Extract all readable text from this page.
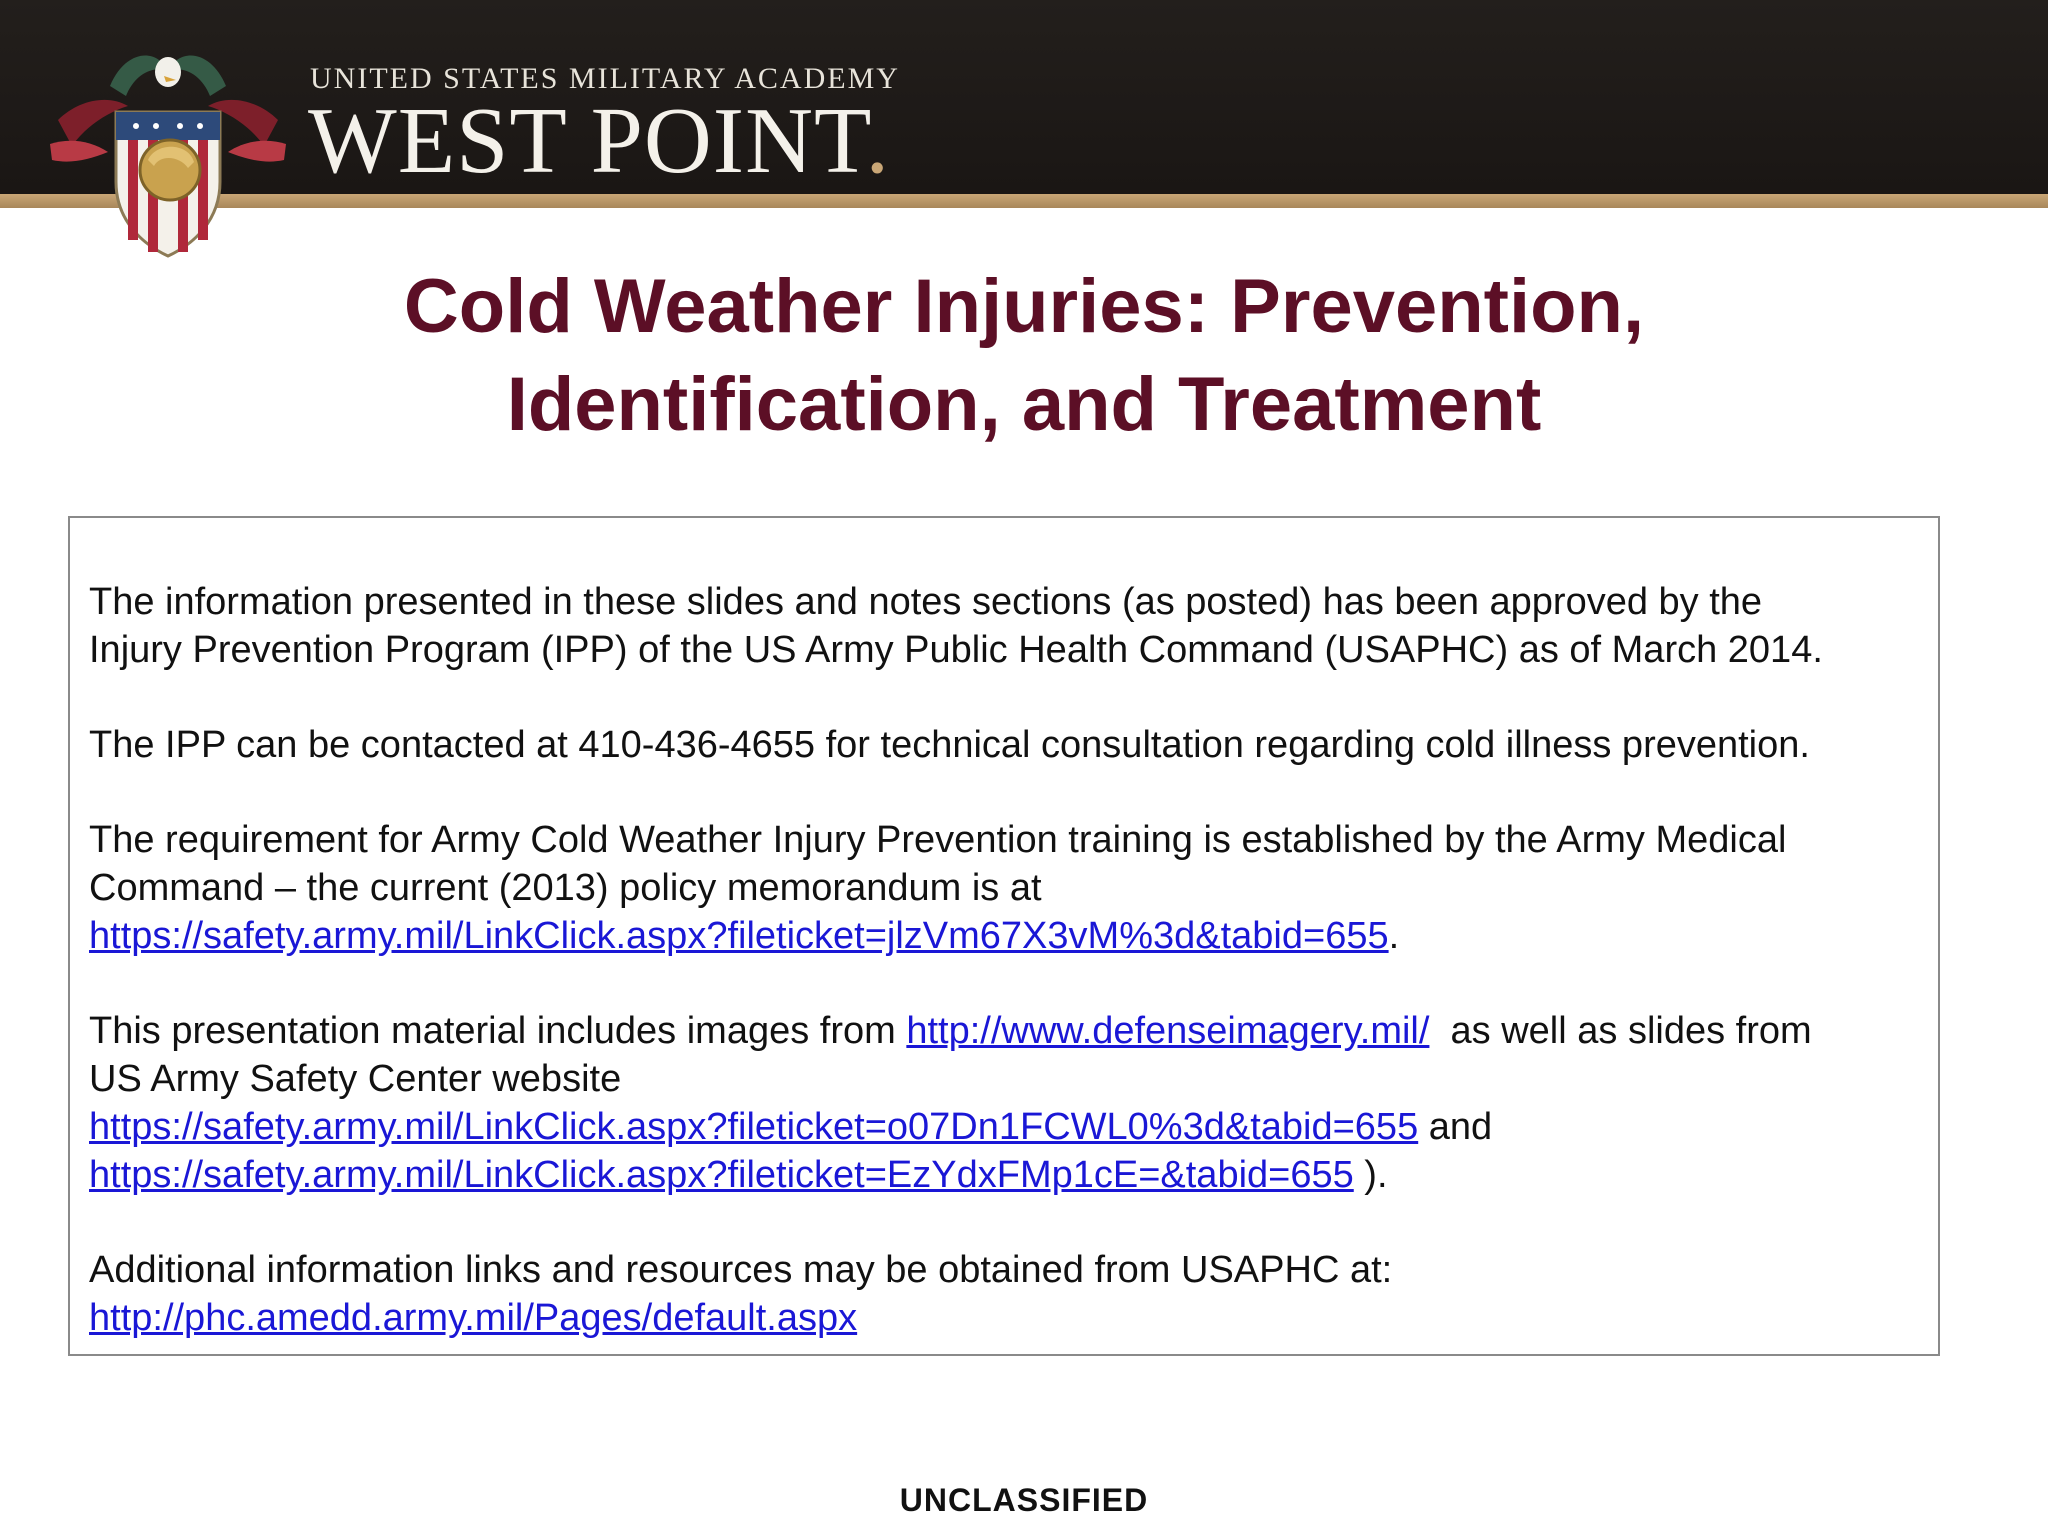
UNITED STATES MILITARY ACADEMY
WEST POINT.
Cold Weather Injuries: Prevention,
Identification, and Treatment

The information presented in these slides and notes sections (as posted) has been approved by the
Injury Prevention Program (IPP) of the US Army Public Health Command (USAPHC) as of March 2014.

The IPP can be contacted at 410-436-4655 for technical consultation regarding cold illness prevention.

The requirement for Army Cold Weather Injury Prevention training is established by the Army Medical
Command – the current (2013) policy memorandum is at
https://safety.army.mil/LinkClick.aspx?fileticket=jlzVm67X3vM%3d&tabid=655.

This presentation material includes images from http://www.defenseimagery.mil/  as well as slides from
US Army Safety Center website
https://safety.army.mil/LinkClick.aspx?fileticket=o07Dn1FCWL0%3d&tabid=655 and
https://safety.army.mil/LinkClick.aspx?fileticket=EzYdxFMp1cE=&tabid=655 ).

Additional information links and resources may be obtained from USAPHC at:
http://phc.amedd.army.mil/Pages/default.aspx

UNCLASSIFIED
